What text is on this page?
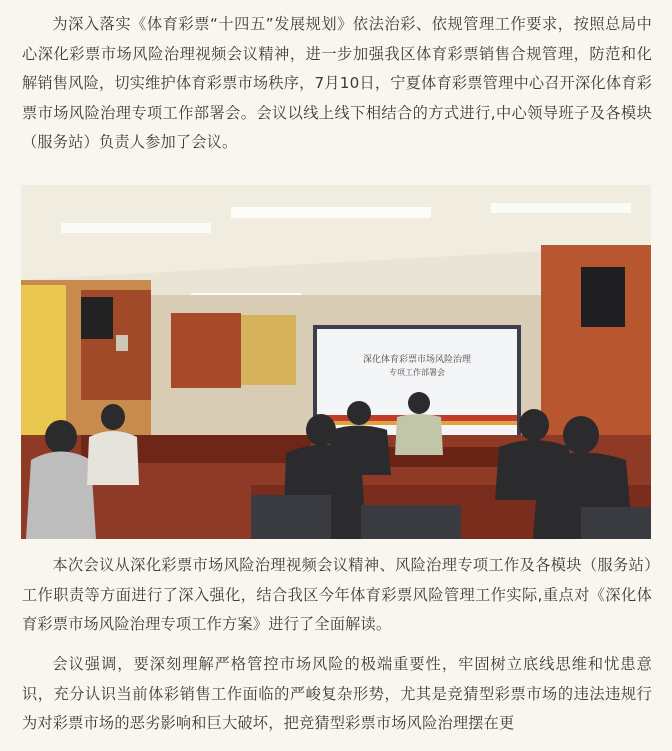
为深入落实《体育彩票“十四五”发展规划》依法治彩、依规管理工作要求，按照总局中心深化彩票市场风险治理视频会议精神，进一步加强我区体育彩票销售合规管理，防范和化解销售风险，切实维护体育彩票市场秩序，7月10日，宁夏体育彩票管理中心召开深化体育彩票市场风险治理专项工作部署会。会议以线上线下相结合的方式进行,中心领导班子及各模块（服务站）负责人参加了会议。

深化体育彩票市场风险治理
专项工作部署会

本次会议从深化彩票市场风险治理视频会议精神、风险治理专项工作及各模块（服务站）工作职责等方面进行了深入强化，结合我区今年体育彩票风险管理工作实际,重点对《深化体育彩票市场风险治理专项工作方案》进行了全面解读。

会议强调，要深刻理解严格管控市场风险的极端重要性，牢固树立底线思维和忧患意识，充分认识当前体彩销售工作面临的严峻复杂形势，尤其是竞猜型彩票市场的违法违规行为对彩票市场的恶劣影响和巨大破坏，把竞猜型彩票市场风险治理摆在更
